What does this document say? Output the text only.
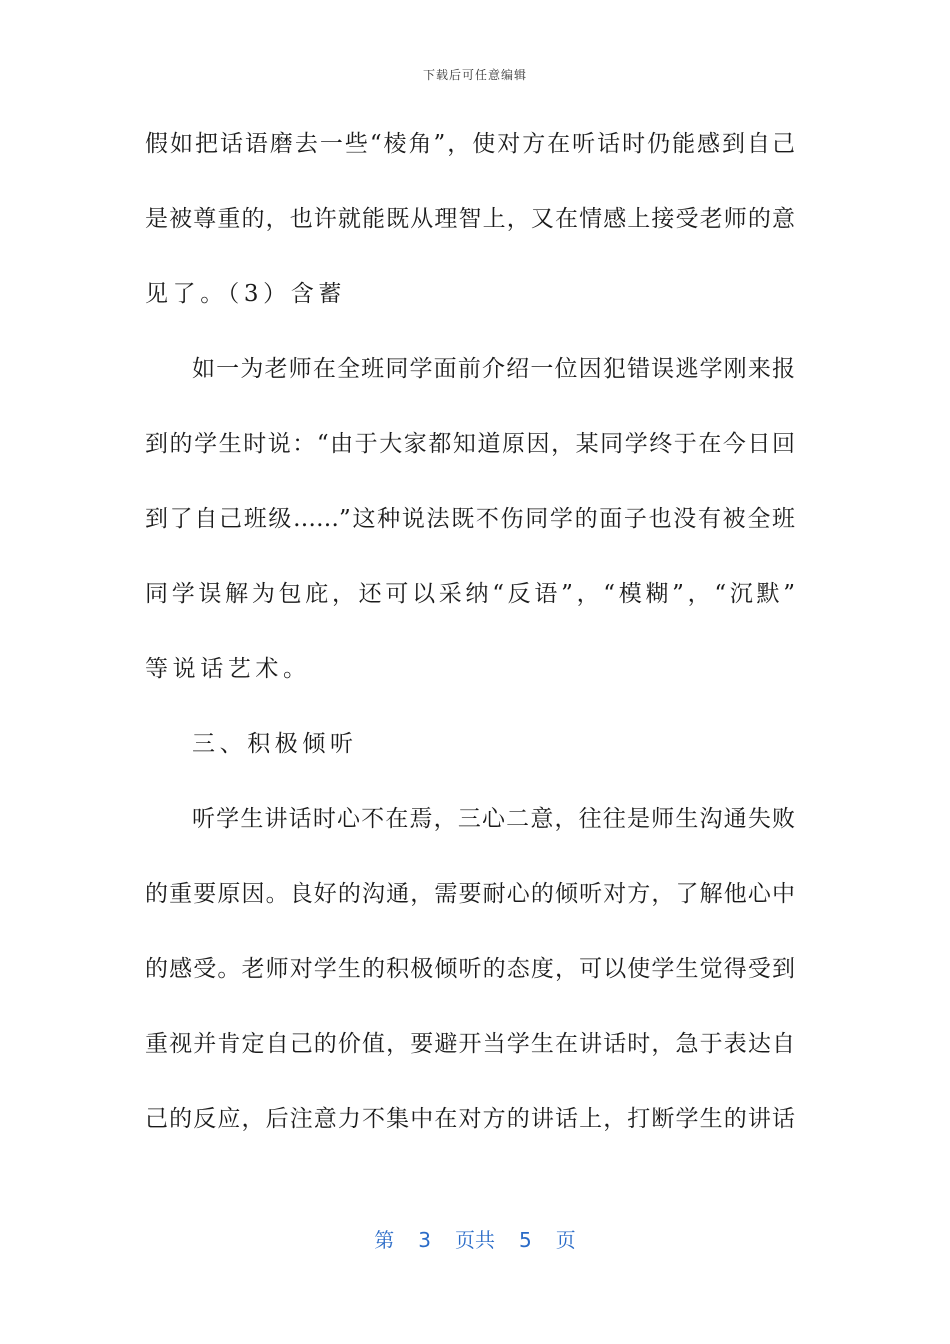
下载后可任意编辑
假如把话语磨去一些“棱角”，使对方在听话时仍能感到自己
是被尊重的，也许就能既从理智上，又在情感上接受老师的意
见了。（3）含蓄
如一为老师在全班同学面前介绍一位因犯错误逃学刚来报
到的学生时说：“由于大家都知道原因，某同学终于在今日回
到了自己班级……”这种说法既不伤同学的面子也没有被全班
同学误解为包庇，还可以采纳“反语”，“模糊”，“沉默”
等说话艺术。
三、积极倾听
听学生讲话时心不在焉，三心二意，往往是师生沟通失败
的重要原因。良好的沟通，需要耐心的倾听对方，了解他心中
的感受。老师对学生的积极倾听的态度，可以使学生觉得受到
重视并肯定自己的价值，要避开当学生在讲话时，急于表达自
己的反应，后注意力不集中在对方的讲话上，打断学生的讲话
第 3 页共 5 页
